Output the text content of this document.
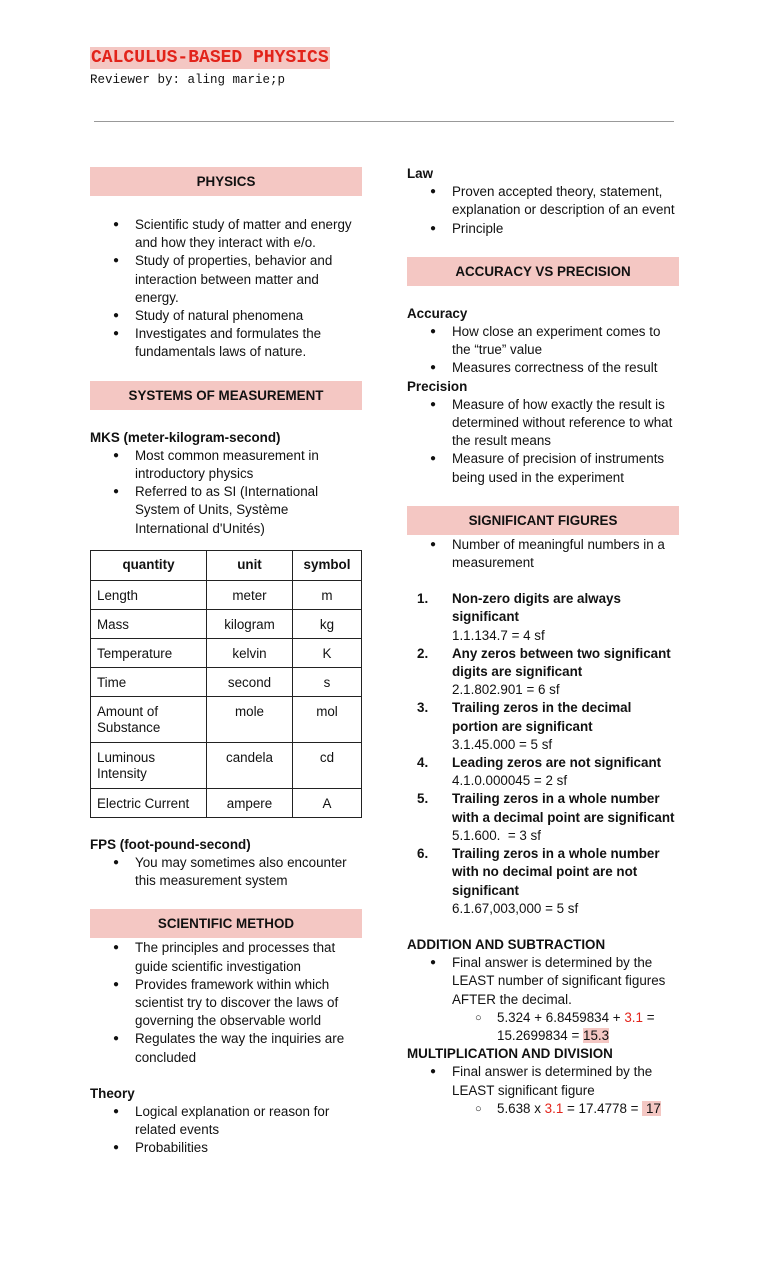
CALCULUS-BASED PHYSICS
Reviewer by: aling marie;p
PHYSICS
● Scientific study of matter and energy and how they interact with e/o.
● Study of properties, behavior and interaction between matter and energy.
● Study of natural phenomena
● Investigates and formulates the fundamentals laws of nature.
SYSTEMS OF MEASUREMENT
MKS (meter-kilogram-second)
● Most common measurement in introductory physics
● Referred to as SI (International System of Units, Système International d'Unités)
quantity	unit	symbol
Length	meter	m
Mass	kilogram	kg
Temperature	kelvin	K
Time	second	s
Amount of Substance	mole	mol
Luminous Intensity	candela	cd
Electric Current	ampere	A
FPS (foot-pound-second)
● You may sometimes also encounter this measurement system
SCIENTIFIC METHOD
● The principles and processes that guide scientific investigation
● Provides framework within which scientist try to discover the laws of governing the observable world
● Regulates the way the inquiries are concluded
Theory
● Logical explanation or reason for related events
● Probabilities
Law
● Proven accepted theory, statement, explanation or description of an event
● Principle
ACCURACY VS PRECISION
Accuracy
● How close an experiment comes to the “true” value
● Measures correctness of the result
Precision
● Measure of how exactly the result is determined without reference to what the result means
● Measure of precision of instruments being used in the experiment
SIGNIFICANT FIGURES
● Number of meaningful numbers in a measurement
1. Non-zero digits are always significant
1.1.134.7 = 4 sf
2. Any zeros between two significant digits are significant
2.1.802.901 = 6 sf
3. Trailing zeros in the decimal portion are significant
3.1.45.000 = 5 sf
4. Leading zeros are not significant
4.1.0.000045 = 2 sf
5. Trailing zeros in a whole number with a decimal point are significant
5.1.600.  = 3 sf
6. Trailing zeros in a whole number with no decimal point are not significant
6.1.67,003,000 = 5 sf
ADDITION AND SUBTRACTION
● Final answer is determined by the LEAST number of significant figures AFTER the decimal.
○ 5.324 + 6.8459834 + 3.1 = 15.2699834 = 15.3
MULTIPLICATION AND DIVISION
● Final answer is determined by the LEAST significant figure
○ 5.638 x 3.1 = 17.4778 =  17
